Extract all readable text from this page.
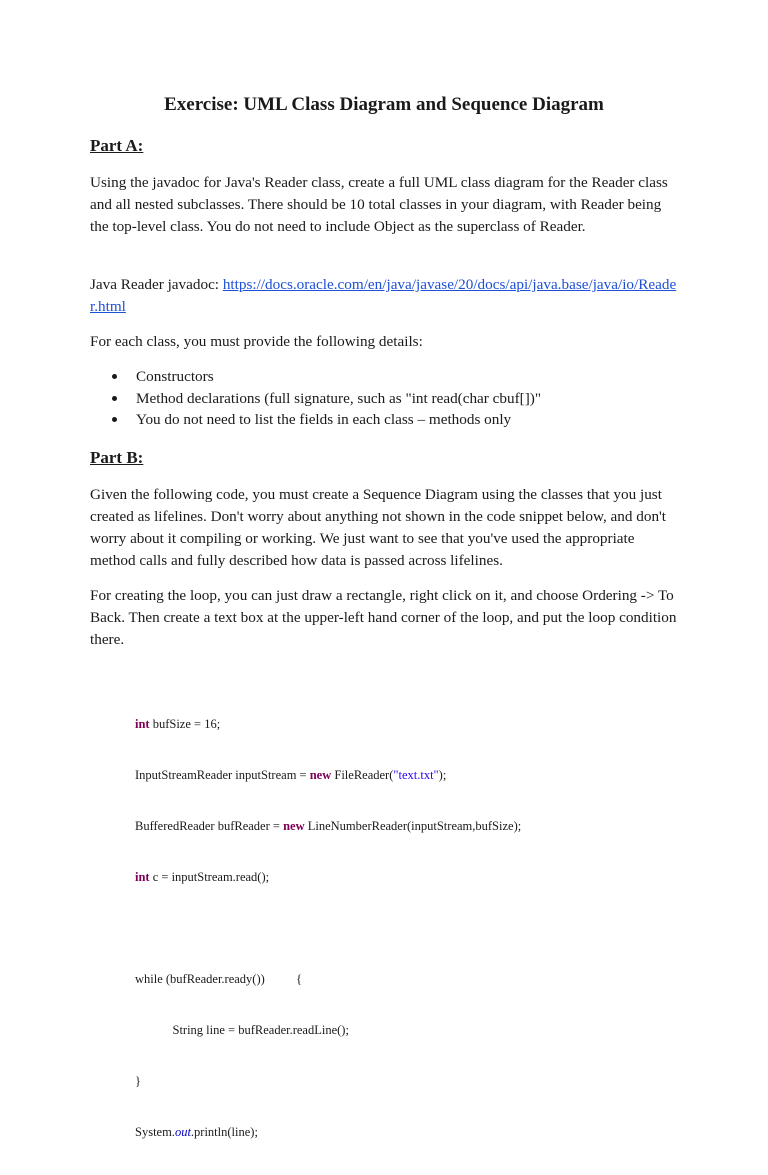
Exercise: UML Class Diagram and Sequence Diagram
Part A:
Using the javadoc for Java's Reader class, create a full UML class diagram for the Reader class and all nested subclasses. There should be 10 total classes in your diagram, with Reader being the top-level class. You do not need to include Object as the superclass of Reader.
Java Reader javadoc: https://docs.oracle.com/en/java/javase/20/docs/api/java.base/java/io/Reader.html
For each class, you must provide the following details:
Constructors
Method declarations (full signature, such as "int read(char cbuf[])"
You do not need to list the fields in each class – methods only
Part B:
Given the following code, you must create a Sequence Diagram using the classes that you just created as lifelines. Don't worry about anything not shown in the code snippet below, and don't worry about it compiling or working. We just want to see that you've used the appropriate method calls and fully described how data is passed across lifelines.
For creating the loop, you can just draw a rectangle, right click on it, and choose Ordering -> To Back. Then create a text box at the upper-left hand corner of the loop, and put the loop condition there.

int bufSize = 16;

InputStreamReader inputStream = new FileReader("text.txt");

BufferedReader bufReader = new LineNumberReader(inputStream,bufSize);

int c = inputStream.read();

while (bufReader.ready())          {

String line = bufReader.readLine();

}

System.out.println(line);
